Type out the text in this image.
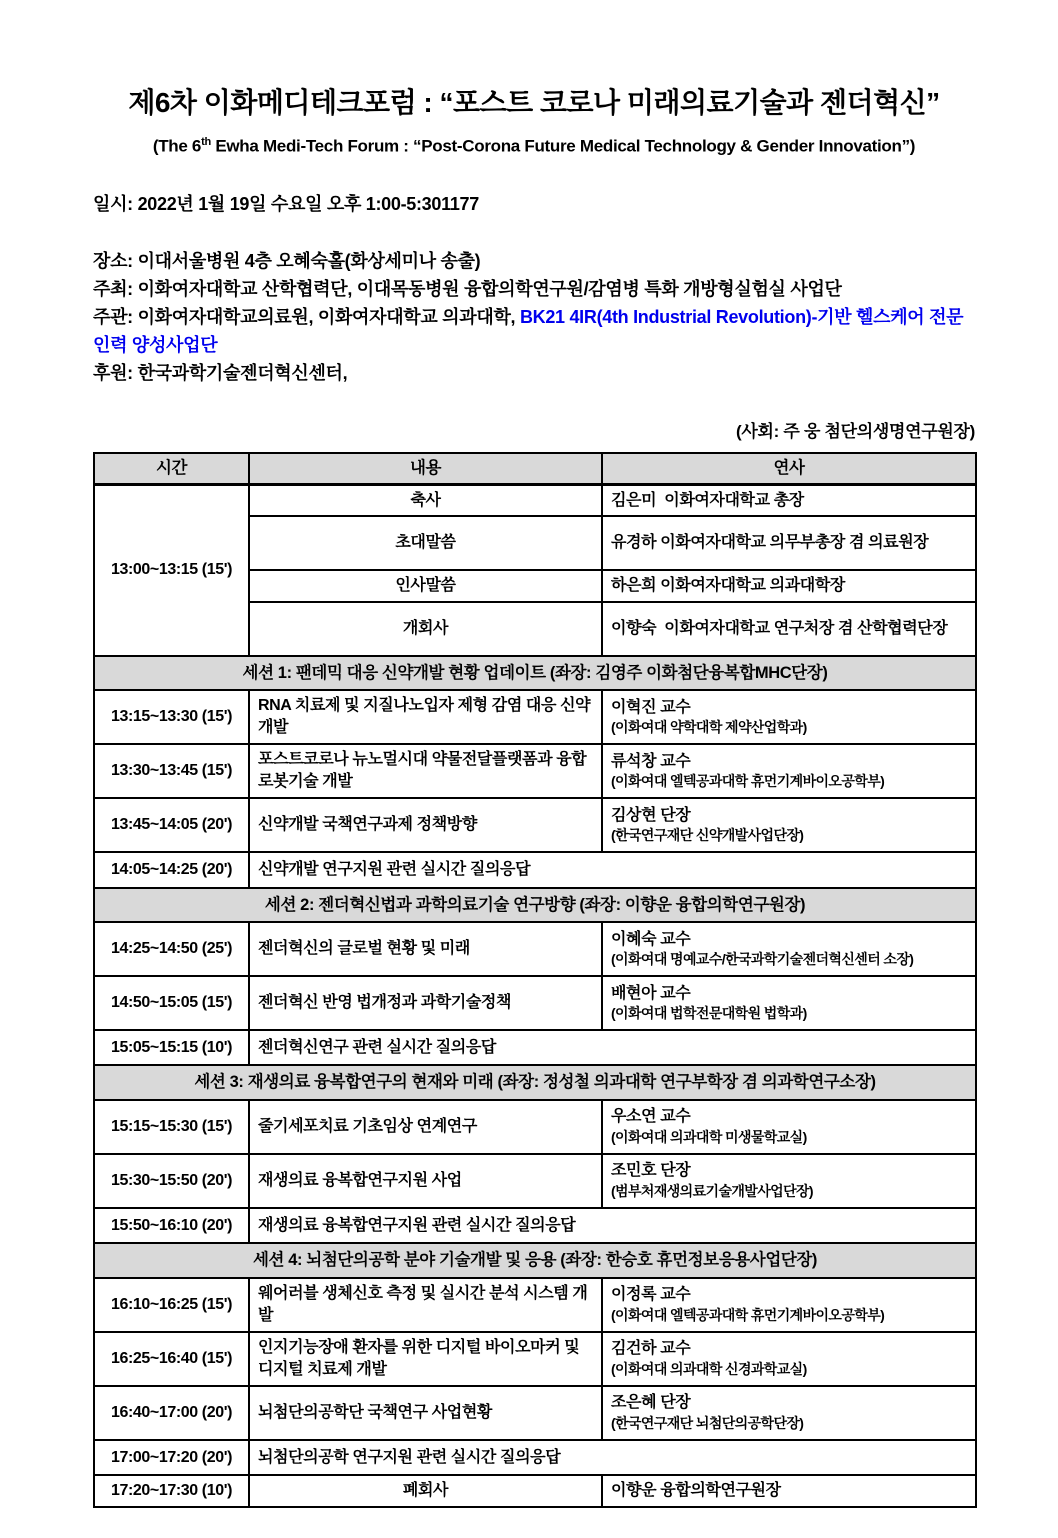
제6차 이화메디테크포럼 : “포스트 코로나 미래의료기술과 젠더혁신”
(The 6th Ewha Medi-Tech Forum : “Post-Corona Future Medical Technology & Gender Innovation”)

일시: 2022년 1월 19일 수요일 오후 1:00-5:301177

장소: 이대서울병원 4층 오혜숙홀(화상세미나 송출)

주최: 이화여자대학교 산학협력단, 이대목동병원 융합의학연구원/감염병 특화 개방형실험실 사업단

주관: 이화여자대학교의료원, 이화여자대학교 의과대학, BK21 4IR(4th Industrial Revolution)-기반 헬스케어 전문인력 양성사업단

후원: 한국과학기술젠더혁신센터,

(사회: 주 웅 첨단의생명연구원장)

시간	내용	연사
13:00~13:15 (15')	축사	김은미  이화여자대학교 총장
	초대말씀	유경하 이화여자대학교 의무부총장 겸 의료원장
	인사말씀	하은희 이화여자대학교 의과대학장
	개회사	이향숙  이화여자대학교 연구처장 겸 산학협력단장
세션 1: 팬데믹 대응 신약개발 현황 업데이트 (좌장: 김영주 이화첨단융복합MHC단장)		
13:15~13:30 (15')	RNA 치료제 및 지질나노입자 제형 감염 대응 신약개발	이혁진 교수
(이화여대 약학대학 제약산업학과)

13:30~13:45 (15')	포스트코로나 뉴노멀시대 약물전달플랫폼과 융합로봇기술 개발	류석창 교수
(이화여대 엘텍공과대학 휴먼기계바이오공학부)

13:45~14:05 (20')	신약개발 국책연구과제 정책방향	김상현 단장
(한국연구재단 신약개발사업단장)

14:05~14:25 (20')	신약개발 연구지원 관련 실시간 질의응답	
세션 2: 젠더혁신법과 과학의료기술 연구방향 (좌장: 이향운 융합의학연구원장)		
14:25~14:50 (25')	젠더혁신의 글로벌 현황 및 미래	이혜숙 교수
(이화여대 명예교수/한국과학기술젠더혁신센터 소장)

14:50~15:05 (15')	젠더혁신 반영 법개정과 과학기술정책	배현아 교수
(이화여대 법학전문대학원 법학과)

15:05~15:15 (10')	젠더혁신연구 관련 실시간 질의응답	
세션 3: 재생의료 융복합연구의 현재와 미래 (좌장: 정성철 의과대학 연구부학장 겸 의과학연구소장)		
15:15~15:30 (15')	줄기세포치료 기초임상 연계연구	우소연 교수
(이화여대 의과대학 미생물학교실)

15:30~15:50 (20')	재생의료 융복합연구지원 사업	조민호 단장
(범부처재생의료기술개발사업단장)

15:50~16:10 (20')	재생의료 융복합연구지원 관련 실시간 질의응답	
세션 4: 뇌첨단의공학 분야 기술개발 및 응용 (좌장: 한승호 휴먼정보응용사업단장)		
16:10~16:25 (15')	웨어러블 생체신호 측정 및 실시간 분석 시스템 개발	이정록 교수
(이화여대 엘텍공과대학 휴먼기계바이오공학부)

16:25~16:40 (15')	인지기능장애 환자를 위한 디지털 바이오마커 및 디지털 치료제 개발	김건하 교수
(이화여대 의과대학 신경과학교실)

16:40~17:00 (20')	뇌첨단의공학단 국책연구 사업현황	조은혜 단장
(한국연구재단 뇌첨단의공학단장)

17:00~17:20 (20')	뇌첨단의공학 연구지원 관련 실시간 질의응답	
17:20~17:30 (10')	폐회사	이향운 융합의학연구원장
